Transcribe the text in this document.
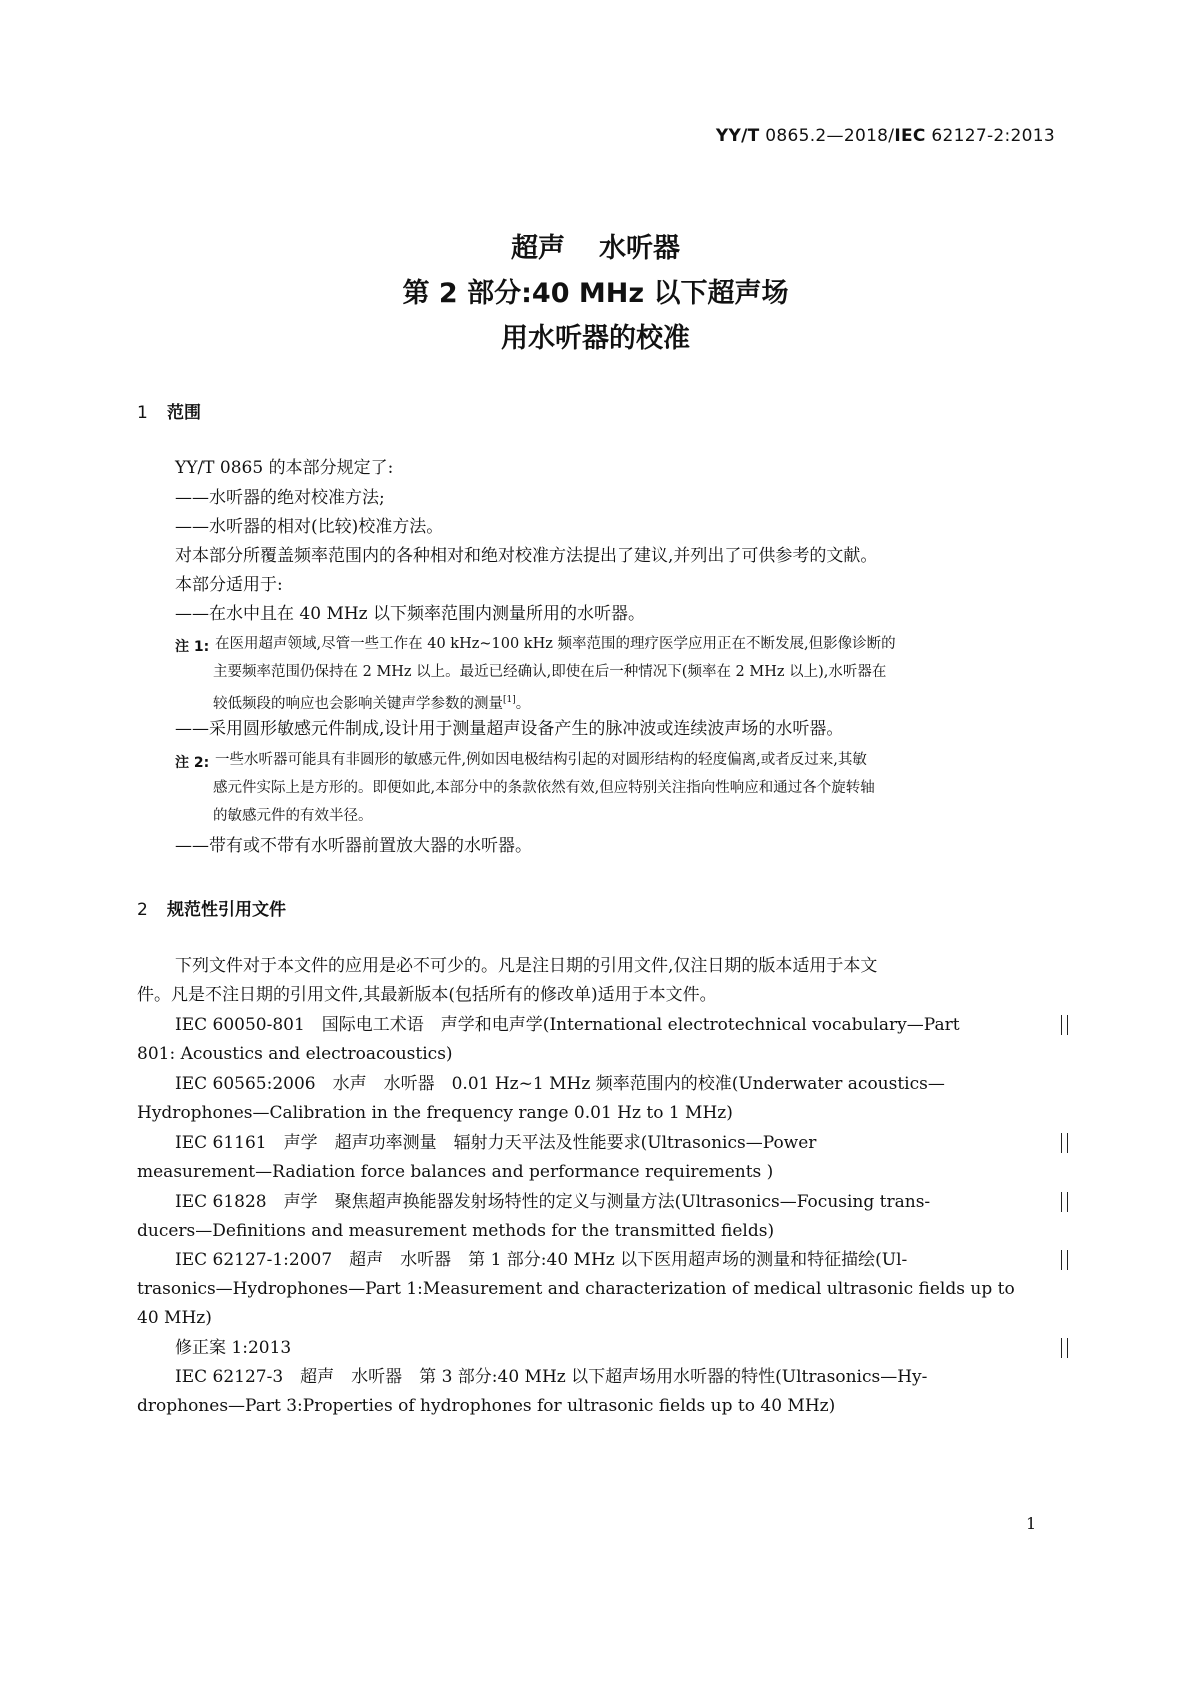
YY/T 0865.2—2018/IEC 62127-2:2013
超声 水听器
第 2 部分:40 MHz 以下超声场
用水听器的校准
1 范围
YY/T 0865 的本部分规定了:
——水听器的绝对校准方法;
——水听器的相对(比较)校准方法。
对本部分所覆盖频率范围内的各种相对和绝对校准方法提出了建议,并列出了可供参考的文献。
本部分适用于:
——在水中且在 40 MHz 以下频率范围内测量所用的水听器。
注 1: 在医用超声领域,尽管一些工作在 40 kHz~100 kHz 频率范围的理疗医学应用正在不断发展,但影像诊断的
主要频率范围仍保持在 2 MHz 以上。最近已经确认,即使在后一种情况下(频率在 2 MHz 以上),水听器在
较低频段的响应也会影响关键声学参数的测量[1]。
——采用圆形敏感元件制成,设计用于测量超声设备产生的脉冲波或连续波声场的水听器。
注 2: 一些水听器可能具有非圆形的敏感元件,例如因电极结构引起的对圆形结构的轻度偏离,或者反过来,其敏
感元件实际上是方形的。即便如此,本部分中的条款依然有效,但应特别关注指向性响应和通过各个旋转轴
的敏感元件的有效半径。
——带有或不带有水听器前置放大器的水听器。
2 规范性引用文件
下列文件对于本文件的应用是必不可少的。凡是注日期的引用文件,仅注日期的版本适用于本文
件。凡是不注日期的引用文件,其最新版本(包括所有的修改单)适用于本文件。
IEC 60050-801　国际电工术语　声学和电声学(International electrotechnical vocabulary—Part
801: Acoustics and electroacoustics)
IEC 60565:2006　水声　水听器　0.01 Hz~1 MHz 频率范围内的校准(Underwater acoustics—
Hydrophones—Calibration in the frequency range 0.01 Hz to 1 MHz)
IEC 61161　声学　超声功率测量　辐射力天平法及性能要求(Ultrasonics—Power
measurement—Radiation force balances and performance requirements )
IEC 61828　声学　聚焦超声换能器发射场特性的定义与测量方法(Ultrasonics—Focusing trans-
ducers—Definitions and measurement methods for the transmitted fields)
IEC 62127-1:2007　超声　水听器　第 1 部分:40 MHz 以下医用超声场的测量和特征描绘(Ul-
trasonics—Hydrophones—Part 1:Measurement and characterization of medical ultrasonic fields up to
40 MHz)
修正案 1:2013
IEC 62127-3　超声　水听器　第 3 部分:40 MHz 以下超声场用水听器的特性(Ultrasonics—Hy-
drophones—Part 3:Properties of hydrophones for ultrasonic fields up to 40 MHz)
1
